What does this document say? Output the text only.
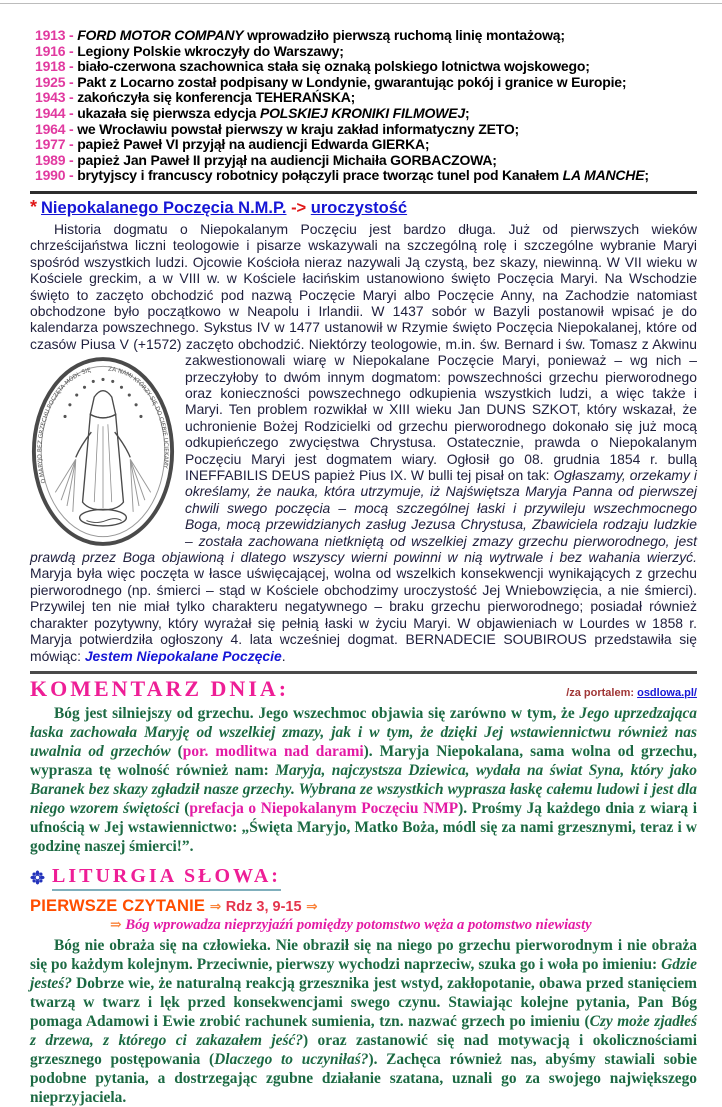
1913 - FORD MOTOR COMPANY wprowadziło pierwszą ruchomą linię montażową;
1916 - Legiony Polskie wkroczyły do Warszawy;
1918 - biało-czerwona szachownica stała się oznaką polskiego lotnictwa wojskowego;
1925 - Pakt z Locarno został podpisany w Londynie, gwarantując pokój i granice w Europie;
1943 - zakończyła się konferencja TEHERAŃSKA;
1944 - ukazała się pierwsza edycja POLSKIEJ KRONIKI FILMOWEJ;
1964 - we Wrocławiu powstał pierwszy w kraju zakład informatyczny ZETO;
1977 - papież Paweł VI przyjął na audiencji Edwarda GIERKA;
1989 - papież Jan Paweł II przyjął na audiencji Michaiła GORBACZOWA;
1990 - brytyjscy i francuscy robotnicy połączyli prace tworząc tunel pod Kanałem LA MANCHE;
* Niepokalanego Poczęcia N.M.P. -> uroczystość

Historia dogmatu o Niepokalanym Poczęciu jest bardzo długa. Już od pierwszych wieków chrześcijaństwa liczni teologowie i pisarze wskazywali na szczególną rolę i szczególne wybranie Maryi spośród wszystkich ludzi. Ojcowie Kościoła nieraz nazywali Ją czystą, bez skazy, niewinną. W VII wieku w Kościele greckim, a w VIII w. w Kościele łacińskim ustanowiono święto Poczęcia Maryi. Na Wschodzie święto to zaczęto obchodzić pod nazwą Poczęcie Maryi albo Poczęcie Anny, na Zachodzie natomiast obchodzone było początkowo w Neapolu i Irlandii. W 1437 sobór w Bazyli postanowił wpisać je do kalendarza powszechnego. Sykstus IV w 1477 ustanowił w Rzymie święto Poczęcia Niepokalanej, które od czasów Piusa V (+1572) zaczęto obchodzić. Niektórzy teologowie, m.in. św. Bernard i św. Tomasz z Akwinu zakwestionowali wiarę w Niepokalane
O MARYJO BEZ GRZECHU POCZĘTA MÓDL SIĘ	ZA NAMI KTÓRZY SIĘ DO CIEBIE UCIEKAMY
Poczęcie Maryi, ponieważ – wg nich – przeczyłoby to dwóm innym dogmatom: powszechności grzechu pierworodnego oraz konieczności powszechnego odkupienia wszystkich ludzi, a więc także i Maryi. Ten problem rozwikłał w XIII wieku Jan DUNS SZKOT, który wskazał, że uchronienie Bożej Rodzicielki od grzechu pierworodnego dokonało się już mocą odkupieńczego zwycięstwa Chrystusa. Ostatecznie, prawda o Niepokalanym Poczęciu Maryi jest dogmatem wiary. Ogłosił go 08. grudnia 1854 r. bullą INEFFABILIS DEUS papież Pius IX. W bulli tej pisał on tak: Ogłaszamy, orzekamy i określamy, że nauka, która utrzymuje, iż Najświętsza Maryja Panna od pierwszej chwili swego poczęcia – mocą szczególnej łaski i przywileju wszechmocnego Boga, mocą przewidzianych zasług Jezusa Chrystusa, Zbawiciela rodzaju ludzkie – została zachowana nietkniętą od wszelkiej zmazy grzechu pierworodnego, jest prawdą przez Boga objawioną i dlatego wszyscy wierni powinni w nią wytrwale i bez wahania wierzyć. Maryja była więc poczęta w łasce uświęcającej, wolna od wszelkich konsekwencji wynikających z grzechu pierworodnego (np. śmierci – stąd w Kościele obchodzimy uroczystość Jej Wniebowzięcia, a nie śmierci). Przywilej ten nie miał tylko charakteru negatywnego – braku grzechu pierworodnego; posiadał również charakter pozytywny, który wyrażał się pełnią łaski w życiu Maryi. W objawieniach w Lourdes w 1858 r. Maryja potwierdziła ogłoszony 4. lata wcześniej dogmat. BERNADECIE SOUBIROUS przedstawiła się mówiąc: Jestem Niepokalane Poczęcie.

KOMENTARZ DNIA:	/za portalem: osdlowa.pl/

Bóg jest silniejszy od grzechu. Jego wszechmoc objawia się zarówno w tym, że Jego uprzedzająca łaska zachowała Maryję od wszelkiej zmazy, jak i w tym, że dzięki Jej wstawiennictwu również nas uwalnia od grzechów (por. modlitwa nad darami). Maryja Niepokalana, sama wolna od grzechu, wyprasza tę wolność również nam: Maryja, najczystsza Dziewica, wydała na świat Syna, który jako Baranek bez skazy zgładził nasze grzechy. Wybrana ze wszystkich wyprasza łaskę całemu ludowi i jest dla niego wzorem świętości (prefacja o Niepokalanym Poczęciu NMP). Prośmy Ją każdego dnia z wiarą i ufnością w Jej wstawiennictwo: „Święta Maryjo, Matko Boża, módl się za nami grzesznymi, teraz i w godzinę naszej śmierci!”.

LITURGIA SŁOWA:
PIERWSZE CZYTANIE ⇒ Rdz 3, 9-15 ⇒
⇒ Bóg wprowadza nieprzyjaźń pomiędzy potomstwo węża a potomstwo niewiasty

Bóg nie obraża się na człowieka. Nie obraził się na niego po grzechu pierworodnym i nie obraża się po każdym kolejnym. Przeciwnie, pierwszy wychodzi naprzeciw, szuka go i woła po imieniu: Gdzie jesteś? Dobrze wie, że naturalną reakcją grzesznika jest wstyd, zakłopotanie, obawa przed stanięciem twarzą w twarz i lęk przed konsekwencjami swego czynu. Stawiając kolejne pytania, Pan Bóg pomaga Adamowi i Ewie zrobić rachunek sumienia, tzn. nazwać grzech po imieniu (Czy może zjadłeś z drzewa, z którego ci zakazałem jeść?) oraz zastanowić się nad motywacją i okolicznościami grzesznego postępowania (Dlaczego to uczyniłaś?). Zachęca również nas, abyśmy stawiali sobie podobne pytania, a dostrzegając zgubne działanie szatana, uznali go za swojego największego nieprzyjaciela.
